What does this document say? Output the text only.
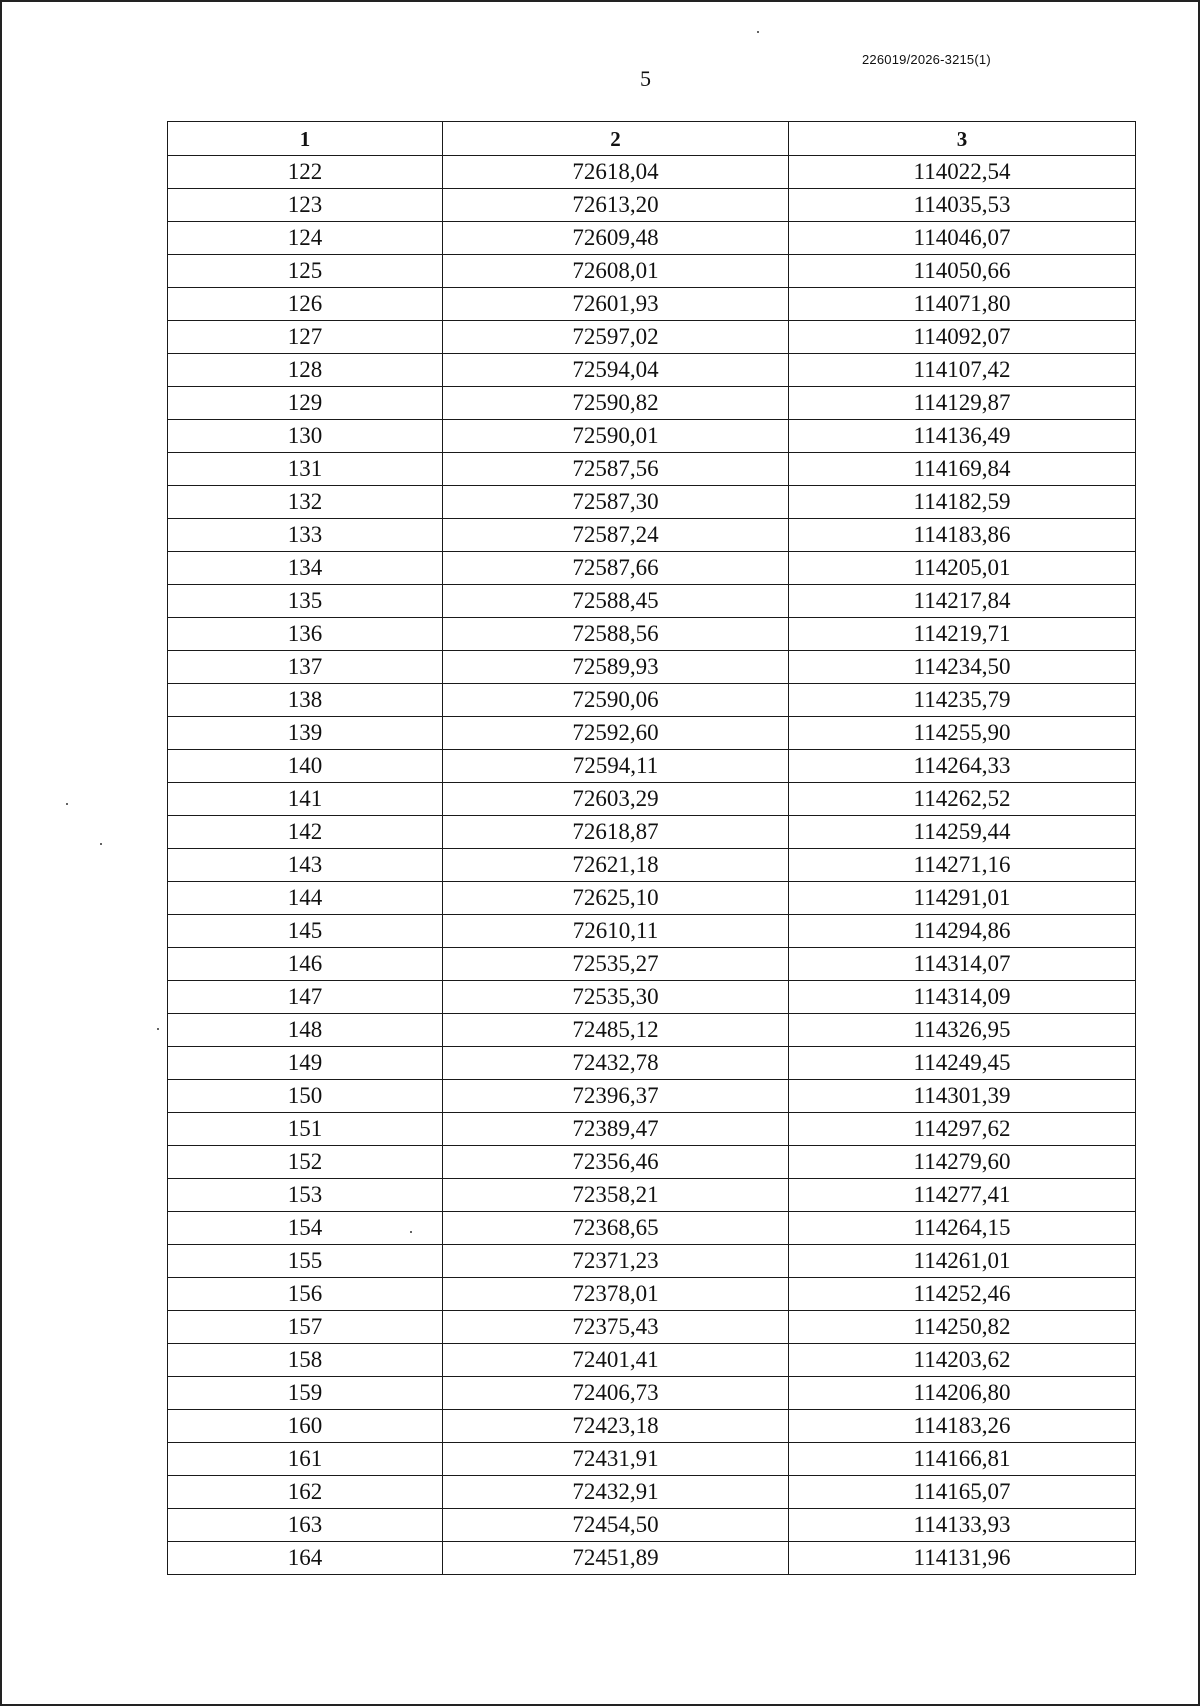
226019/2026-3215(1)
5
1	2	3
122	72618,04	114022,54
123	72613,20	114035,53
124	72609,48	114046,07
125	72608,01	114050,66
126	72601,93	114071,80
127	72597,02	114092,07
128	72594,04	114107,42
129	72590,82	114129,87
130	72590,01	114136,49
131	72587,56	114169,84
132	72587,30	114182,59
133	72587,24	114183,86
134	72587,66	114205,01
135	72588,45	114217,84
136	72588,56	114219,71
137	72589,93	114234,50
138	72590,06	114235,79
139	72592,60	114255,90
140	72594,11	114264,33
141	72603,29	114262,52
142	72618,87	114259,44
143	72621,18	114271,16
144	72625,10	114291,01
145	72610,11	114294,86
146	72535,27	114314,07
147	72535,30	114314,09
148	72485,12	114326,95
149	72432,78	114249,45
150	72396,37	114301,39
151	72389,47	114297,62
152	72356,46	114279,60
153	72358,21	114277,41
154	72368,65	114264,15
155	72371,23	114261,01
156	72378,01	114252,46
157	72375,43	114250,82
158	72401,41	114203,62
159	72406,73	114206,80
160	72423,18	114183,26
161	72431,91	114166,81
162	72432,91	114165,07
163	72454,50	114133,93
164	72451,89	114131,96
